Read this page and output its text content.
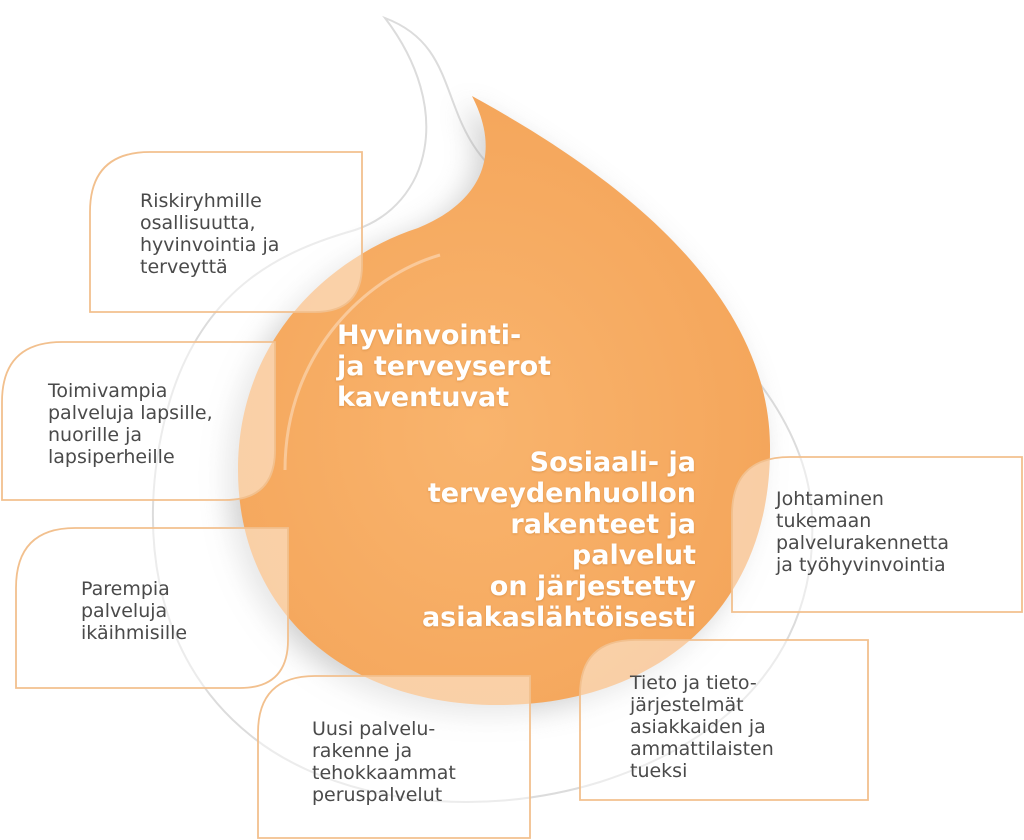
Hyvinvointi-
ja terveyserot
kaventuvat
Sosiaali- ja
terveydenhuollon
rakenteet ja palvelut
on järjestetty
asiakaslähtöisesti
Riskiryhmille
osallisuutta,
hyvinvointia ja
terveyttä
Toimivampia
palveluja lapsille,
nuorille ja
lapsiperheille
Parempia
palveluja
ikäihmisille
Uusi palvelu-
rakenne ja
tehokkaammat
peruspalvelut
Tieto ja tieto-
järjestelmät
asiakkaiden ja
ammattilaisten
tueksi
Johtaminen
tukemaan
palvelurakennetta
ja työhyvinvointia
